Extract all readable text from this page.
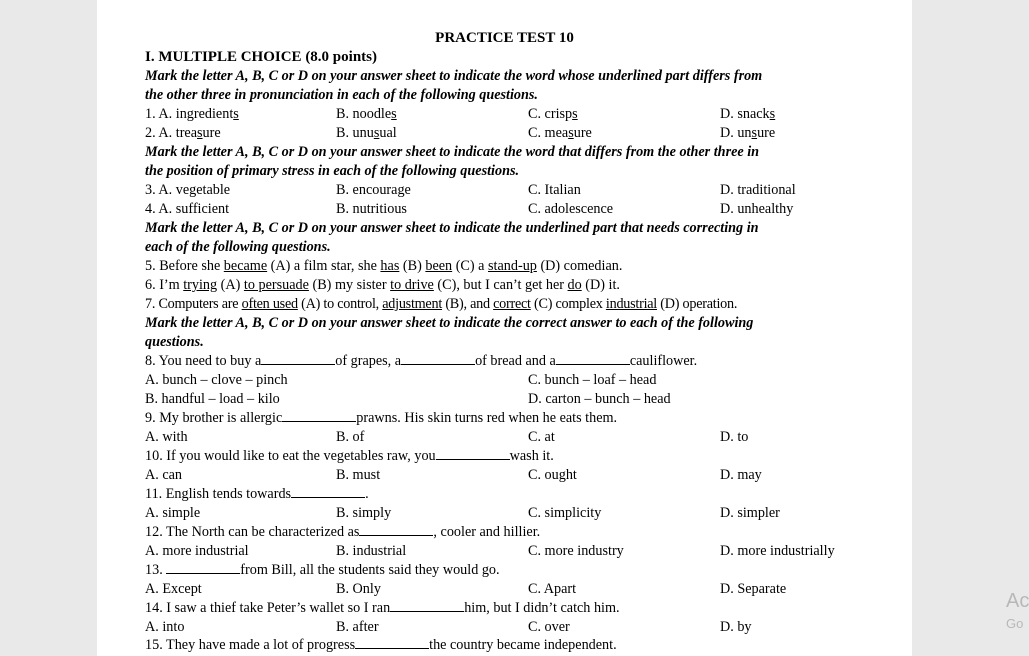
PRACTICE TEST 10
I. MULTIPLE CHOICE (8.0 points)
Mark the letter A, B, C or D on your answer sheet to indicate the word whose underlined part differs from
the other three in pronunciation in each of the following questions.
1. A. ingredients	B. noodles	C. crisps	D. snacks
2. A. treasure	B. unusual	C. measure	D. unsure
Mark the letter A, B, C or D on your answer sheet to indicate the word that differs from the other three in
the position of primary stress in each of the following questions.
3. A. vegetable	B. encourage	C. Italian	D. traditional
4. A. sufficient	B. nutritious	C. adolescence	D. unhealthy
Mark the letter A, B, C or D on your answer sheet to indicate the underlined part that needs correcting in
each of the following questions.
5. Before she became (A) a film star, she has (B) been (C) a stand-up (D) comedian.
6. I’m trying (A) to persuade (B) my sister to drive (C), but I can’t get her do (D) it.
7. Computers are often used (A) to control, adjustment (B), and correct (C) complex industrial (D) operation.
Mark the letter A, B, C or D on your answer sheet to indicate the correct answer to each of the following
questions.
8. You need to buy a	of grapes, a	of bread and a	cauliflower.
A. bunch – clove – pinch	C. bunch – loaf – head
B. handful – load – kilo	D. carton – bunch – head
9. My brother is allergic	prawns. His skin turns red when he eats them.
A. with	B. of	C. at	D. to
10. If you would like to eat the vegetables raw, you	wash it.
A. can	B. must	C. ought	D. may
11. English tends towards	.
A. simple	B. simply	C. simplicity	D. simpler
12. The North can be characterized as	, cooler and hillier.
A. more industrial	B. industrial	C. more industry	D. more industrially
13.	from Bill, all the students said they would go.
A. Except	B. Only	C. Apart	D. Separate
14. I saw a thief take Peter’s wallet so I ran	him, but I didn’t catch him.
A. into	B. after	C. over	D. by
15. They have made a lot of progress	the country became independent.
Ac
Go
